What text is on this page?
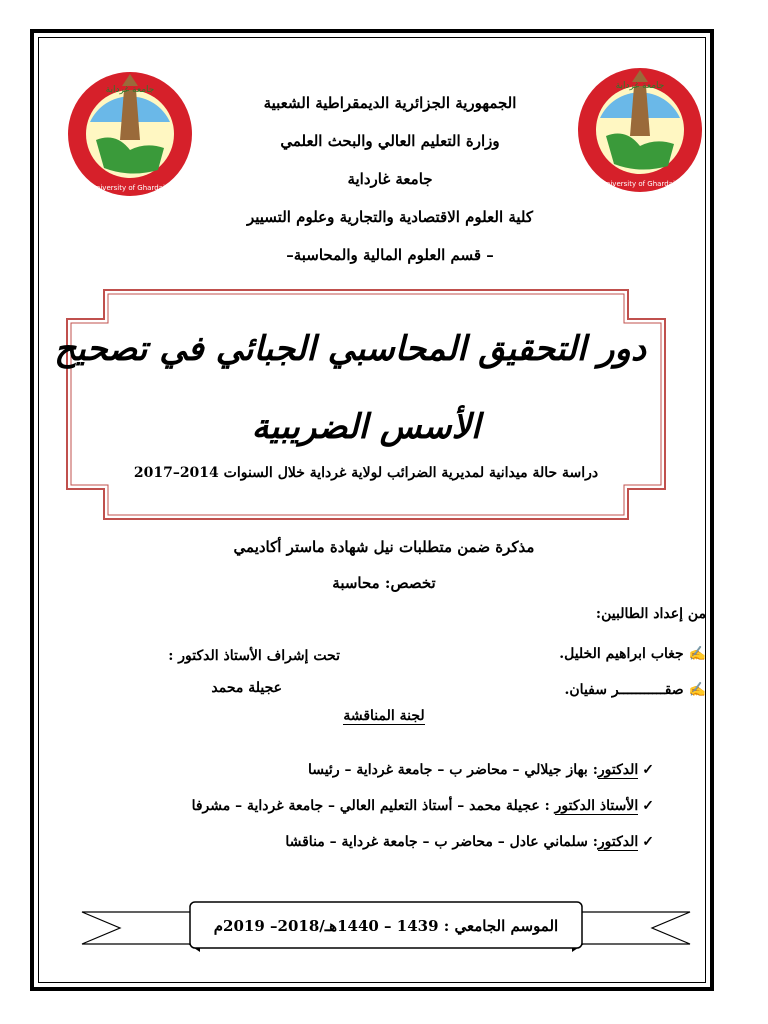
جامعة غرداية
University of Ghardaia
جامعة غرداية
University of Ghardaia
الجمهورية الجزائرية الديمقراطية الشعبية
وزارة التعليم العالي والبحث العلمي
جامعة غارداية
كلية العلوم الاقتصادية والتجارية وعلوم التسيير
– قسم العلوم المالية والمحاسبة–
دور التحقيق المحاسبي الجبائي في تصحيح
الأسس الضريبية
دراسة حالة ميدانية لمديرية الضرائب لولاية غرداية خلال السنوات 2014–2017
مذكرة ضمن متطلبات نيل شهادة ماستر أكاديمي
تخصص: محاسبة
من إعداد الطالبين:
✍ جغاب ابراهيم الخليل.
✍ صقـــــــــــر سفيان.
تحت إشراف الأستاذ الدكتور :
عجيلة محمد
لجنة المناقشة
✓الدكتور: بهاز جيلالي – محاضر ب – جامعة غرداية – رئيسا
✓الأستاذ الدكتور : عجيلة محمد – أستاذ التعليم العالي – جامعة غرداية – مشرفا
✓الدكتور: سلماني عادل – محاضر ب – جامعة غرداية – مناقشا
الموسم الجامعي : 1439 – 1440هـ/2018– 2019م
